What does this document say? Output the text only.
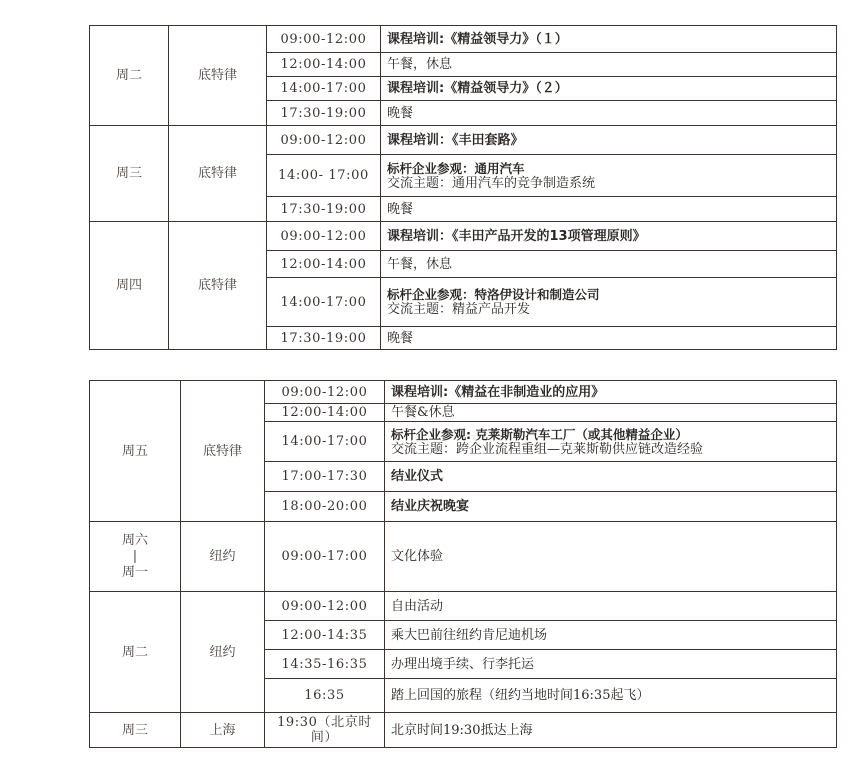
周二	底特律	09:00-12:00	课程培训:《精益领导力》（１）
		12:00-14:00	午餐，休息
		14:00-17:00	课程培训:《精益领导力》（２）
		17:30-19:00	晚餐
周三	底特律	09:00-12:00	课程培训：《丰田套路》
		14:00- 17:00	标杆企业参观：通用汽车
交流主题：通用汽车的竞争制造系统

		17:30-19:00	晚餐
周四	底特律	09:00-12:00	课程培训：《丰田产品开发的13项管理原则》
		12:00-14:00	午餐，休息
		14:00-17:00	标杆企业参观：特洛伊设计和制造公司
交流主题：精益产品开发

		17:30-19:00	晚餐
周五	底特律	09:00-12:00	课程培训:《精益在非制造业的应用》
		12:00-14:00	午餐&休息
		14:00-17:00	标杆企业参观: 克莱斯勒汽车工厂（或其他精益企业）
交流主题：跨企业流程重组—克莱斯勒供应链改造经验

		17:00-17:30	结业仪式
		18:00-20:00	结业庆祝晚宴

周六
|
周一	纽约	09:00-17:00	文化体验
周二	纽约	09:00-12:00	自由活动
		12:00-14:35	乘大巴前往纽约肯尼迪机场
		14:35-16:35	办理出境手续、行李托运
		16:35	踏上回国的旅程（纽约当地时间16:35起飞）
周三	上海	19:30（北京时间）	北京时间19:30抵达上海
